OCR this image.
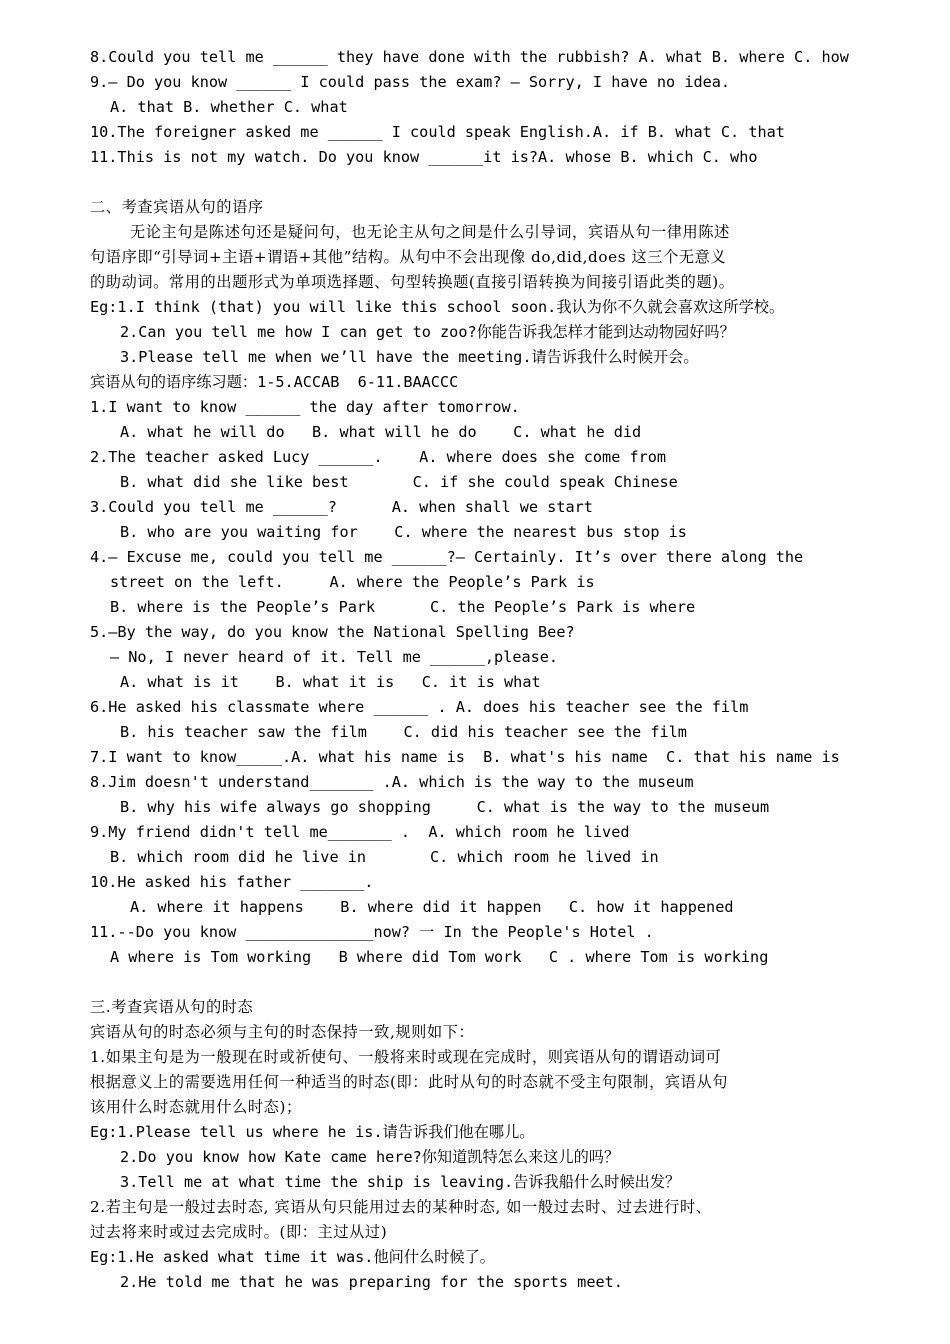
8.Could you tell me ______ they have done with the rubbish? A. what B. where C. how
9.— Do you know ______ I could pass the exam? — Sorry, I have no idea.
A. that B. whether C. what
10.The foreigner asked me ______ I could speak English.A. if B. what C. that
11.This is not my watch. Do you know ______it is?A. whose B. which C. who
二、考查宾语从句的语序
无论主句是陈述句还是疑问句，也无论主从句之间是什么引导词，宾语从句一律用陈述
句语序即“引导词+主语+谓语+其他”结构。从句中不会出现像 do,did,does 这三个无意义
的助动词。常用的出题形式为单项选择题、句型转换题(直接引语转换为间接引语此类的题)。
Eg:1.I think (that) you will like this school soon.我认为你不久就会喜欢这所学校。
2.Can you tell me how I can get to zoo?你能告诉我怎样才能到达动物园好吗？
3.Please tell me when we’ll have the meeting.请告诉我什么时候开会。
宾语从句的语序练习题：1-5.ACCAB  6-11.BAACCC
1.I want to know ______ the day after tomorrow.
A. what he will do   B. what will he do    C. what he did
2.The teacher asked Lucy ______.    A. where does she come from
B. what did she like best       C. if she could speak Chinese
3.Could you tell me ______?      A. when shall we start
B. who are you waiting for    C. where the nearest bus stop is
4.— Excuse me, could you tell me ______?— Certainly. It’s over there along the
street on the left.     A. where the People’s Park is
B. where is the People’s Park      C. the People’s Park is where
5.—By the way, do you know the National Spelling Bee?
— No, I never heard of it. Tell me ______,please.
A. what is it    B. what it is   C. it is what
6.He asked his classmate where ______ . A. does his teacher see the film
B. his teacher saw the film    C. did his teacher see the film
7.I want to know_____.A. what his name is  B. what's his name  C. that his name is
8.Jim doesn't understand_______ .A. which is the way to the museum
B. why his wife always go shopping     C. what is the way to the museum
9.My friend didn't tell me_______ .  A. which room he lived
B. which room did he live in       C. which room he lived in
10.He asked his father _______.
A. where it happens    B. where did it happen   C. how it happened
11.--Do you know ______________now? 一 In the People's Hotel .
A where is Tom working   B where did Tom work   C . where Tom is working
三.考查宾语从句的时态
宾语从句的时态必须与主句的时态保持一致,规则如下：
1.如果主句是为一般现在时或祈使句、一般将来时或现在完成时，则宾语从句的谓语动词可
根据意义上的需要选用任何一种适当的时态(即：此时从句的时态就不受主句限制，宾语从句
该用什么时态就用什么时态)；
Eg:1.Please tell us where he is.请告诉我们他在哪儿。
2.Do you know how Kate came here?你知道凯特怎么来这儿的吗？
3.Tell me at what time the ship is leaving.告诉我船什么时候出发？
2.若主句是一般过去时态, 宾语从句只能用过去的某种时态, 如一般过去时、过去进行时、
过去将来时或过去完成时。(即：主过从过)
Eg:1.He asked what time it was.他问什么时候了。
2.He told me that he was preparing for the sports meet.
